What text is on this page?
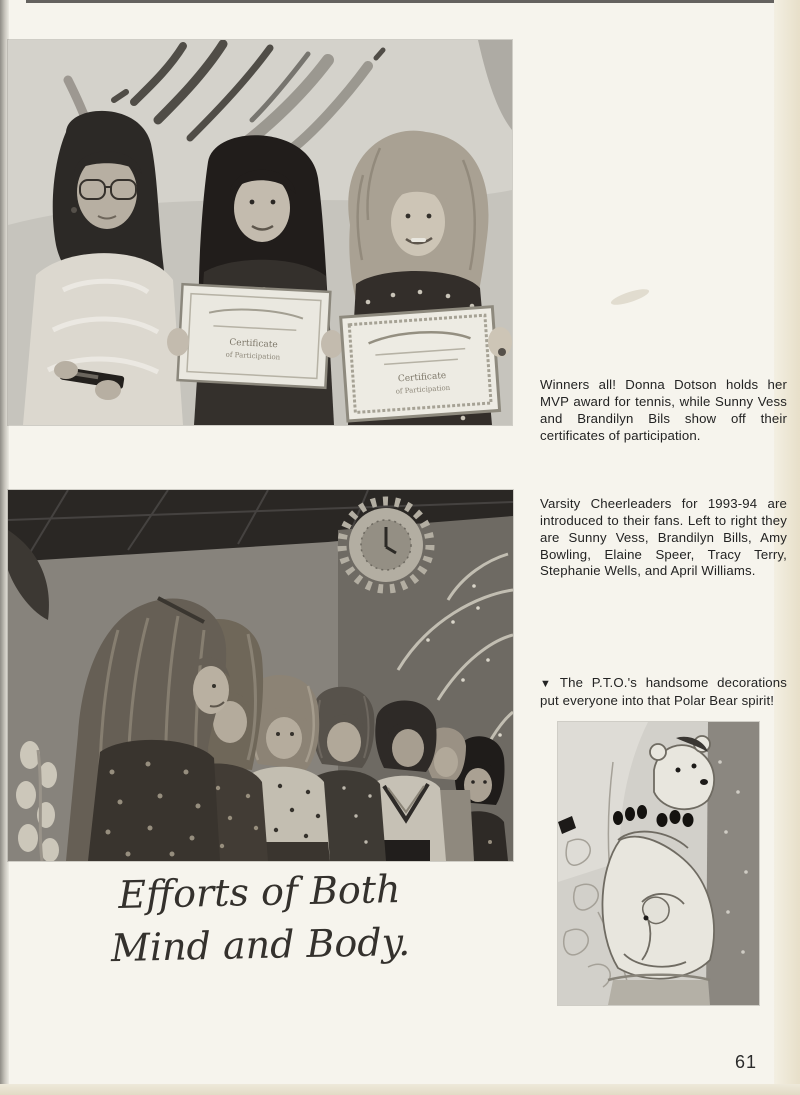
Certificate
of Participation
Certificate
of Participation	Winners all! Donna Dotson holds her MVP award for tennis, while Sunny Vess and Brandilyn Bils show off their certificates of participation.

Varsity Cheerleaders for 1993-94 are introduced to their fans. Left to right they are Sunny Vess, Brandilyn Bills, Amy Bowling, Elaine Speer, Tracy Terry, Stephanie Wells, and April Williams.

▼ The P.T.O.'s handsome decorations put everyone into that Polar Bear spirit!

Efforts of Both
Mind and Body.
61
